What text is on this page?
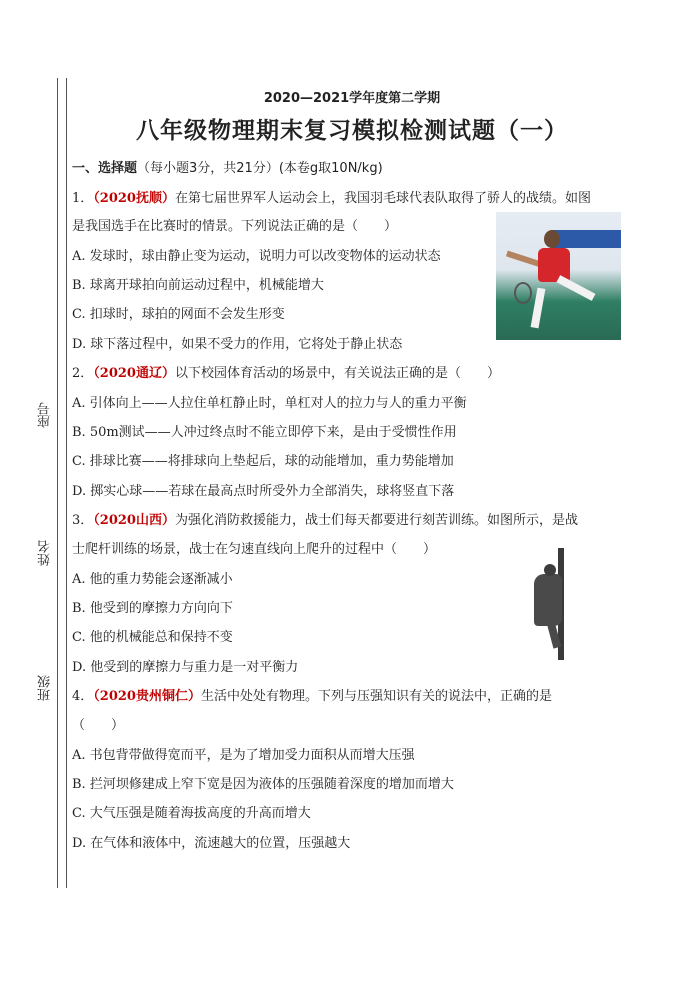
座号
姓名
班级
2020—2021学年度第二学期
八年级物理期末复习模拟检测试题（一）
一、选择题（每小题3分，共21分）(本卷g取10N/kg)
1．（2020抚顺）在第七届世界军人运动会上，我国羽毛球代表队取得了骄人的战绩。如图
是我国选手在比赛时的情景。下列说法正确的是（　　）
A. 发球时，球由静止变为运动，说明力可以改变物体的运动状态
B. 球离开球拍向前运动过程中，机械能增大
C. 扣球时，球拍的网面不会发生形变
D. 球下落过程中，如果不受力的作用，它将处于静止状态
2．（2020通辽）以下校园体育活动的场景中，有关说法正确的是（　　）
A. 引体向上——人拉住单杠静止时，单杠对人的拉力与人的重力平衡
B. 50m测试——人冲过终点时不能立即停下来，是由于受惯性作用
C. 排球比赛——将排球向上垫起后，球的动能增加，重力势能增加
D. 掷实心球——若球在最高点时所受外力全部消失，球将竖直下落
3．（2020山西）为强化消防救援能力，战士们每天都要进行刻苦训练。如图所示，是战
士爬杆训练的场景，战士在匀速直线向上爬升的过程中（　　）
A. 他的重力势能会逐渐减小
B. 他受到的摩擦力方向向下
C. 他的机械能总和保持不变
D. 他受到的摩擦力与重力是一对平衡力
4．（2020贵州铜仁）生活中处处有物理。下列与压强知识有关的说法中，正确的是
（　　）
A. 书包背带做得宽而平，是为了增加受力面积从而增大压强
B. 拦河坝修建成上窄下宽是因为液体的压强随着深度的增加而增大
C. 大气压强是随着海拔高度的升高而增大
D. 在气体和液体中，流速越大的位置，压强越大
